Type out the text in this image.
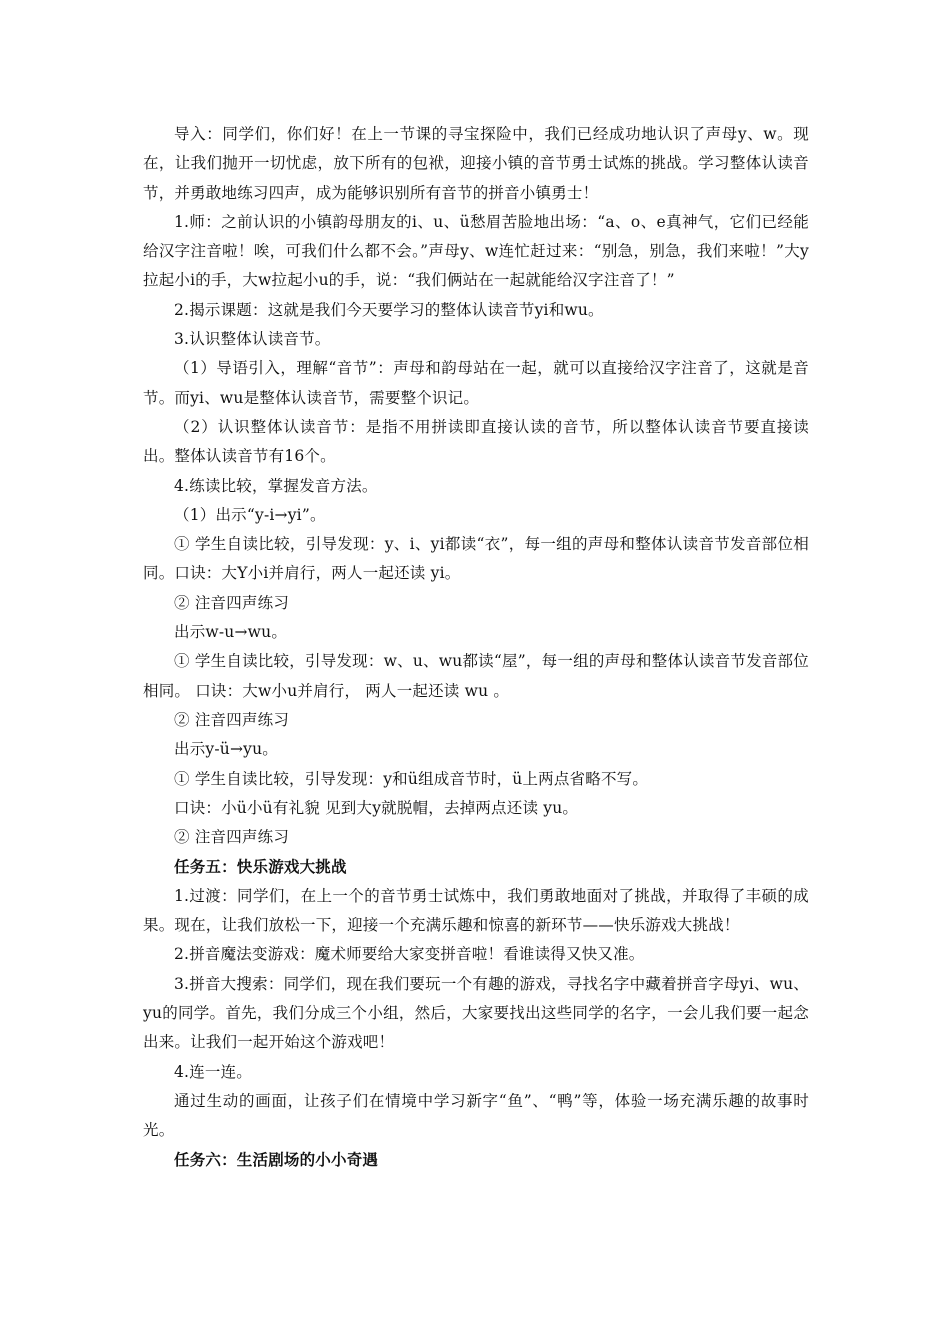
导入：同学们，你们好！在上一节课的寻宝探险中，我们已经成功地认识了声母y、w。现在，让我们抛开一切忧虑，放下所有的包袱，迎接小镇的音节勇士试炼的挑战。学习整体认读音节，并勇敢地练习四声，成为能够识别所有音节的拼音小镇勇士！

1.师：之前认识的小镇韵母朋友的i、u、ü愁眉苦脸地出场：“a、o、e真神气，它们已经能给汉字注音啦！唉，可我们什么都不会。”声母y、w连忙赶过来：“别急，别急，我们来啦！”大y拉起小i的手，大w拉起小u的手，说：“我们俩站在一起就能给汉字注音了！”

2.揭示课题：这就是我们今天要学习的整体认读音节yi和wu。

3.认识整体认读音节。

（1）导语引入，理解“音节”：声母和韵母站在一起，就可以直接给汉字注音了，这就是音节。而yi、wu是整体认读音节，需要整个识记。

（2）认识整体认读音节：是指不用拼读即直接认读的音节，所以整体认读音节要直接读出。整体认读音节有16个。

4.练读比较，掌握发音方法。

（1）出示“y-i→yi”。

① 学生自读比较，引导发现：y、i、yi都读“衣”，每一组的声母和整体认读音节发音部位相同。口诀：大Y小i并肩行，两人一起还读 yi。

② 注音四声练习

出示w-u→wu。

① 学生自读比较，引导发现：w、u、wu都读“屋”，每一组的声母和整体认读音节发音部位相同。 口诀：大w小u并肩行， 两人一起还读 wu 。

② 注音四声练习

出示y-ü→yu。

① 学生自读比较，引导发现：y和ü组成音节时，ü上两点省略不写。

口诀：小ü小ü有礼貌 见到大y就脱帽，去掉两点还读 yu。

② 注音四声练习

任务五：快乐游戏大挑战

1.过渡：同学们，在上一个的音节勇士试炼中，我们勇敢地面对了挑战，并取得了丰硕的成果。现在，让我们放松一下，迎接一个充满乐趣和惊喜的新环节——快乐游戏大挑战！

2.拼音魔法变游戏：魔术师要给大家变拼音啦！看谁读得又快又准。

3.拼音大搜索：同学们，现在我们要玩一个有趣的游戏，寻找名字中藏着拼音字母yi、wu、yu的同学。首先，我们分成三个小组，然后，大家要找出这些同学的名字，一会儿我们要一起念出来。让我们一起开始这个游戏吧！

4.连一连。

通过生动的画面，让孩子们在情境中学习新字“鱼”、“鸭”等，体验一场充满乐趣的故事时光。

任务六：生活剧场的小小奇遇
